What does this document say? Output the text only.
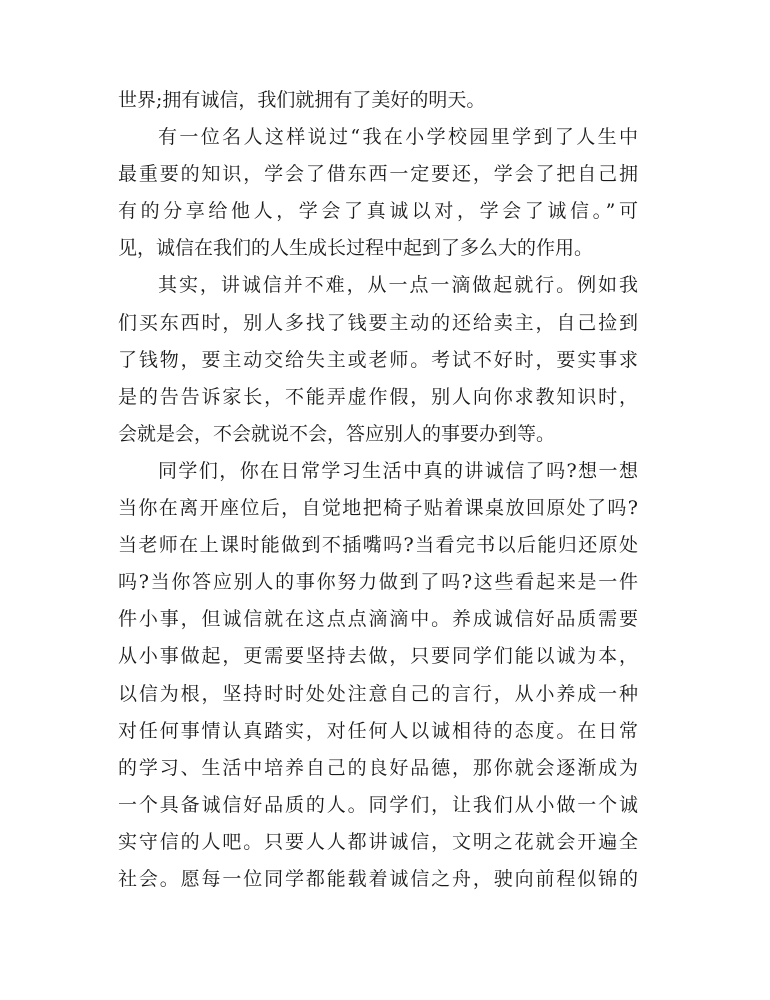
世界;拥有诚信，我们就拥有了美好的明天。
有一位名人这样说过“我在小学校园里学到了人生中
最重要的知识，学会了借东西一定要还，学会了把自己拥
有的分享给他人，学会了真诚以对，学会了诚信。”可
见，诚信在我们的人生成长过程中起到了多么大的作用。
其实，讲诚信并不难，从一点一滴做起就行。例如我
们买东西时，别人多找了钱要主动的还给卖主，自己捡到
了钱物，要主动交给失主或老师。考试不好时，要实事求
是的告告诉家长，不能弄虚作假，别人向你求教知识时，
会就是会，不会就说不会，答应别人的事要办到等。
同学们，你在日常学习生活中真的讲诚信了吗?想一想
当你在离开座位后，自觉地把椅子贴着课桌放回原处了吗?
当老师在上课时能做到不插嘴吗?当看完书以后能归还原处
吗?当你答应别人的事你努力做到了吗?这些看起来是一件
件小事，但诚信就在这点点滴滴中。养成诚信好品质需要
从小事做起，更需要坚持去做，只要同学们能以诚为本，
以信为根，坚持时时处处注意自己的言行，从小养成一种
对任何事情认真踏实，对任何人以诚相待的态度。在日常
的学习、生活中培养自己的良好品德，那你就会逐渐成为
一个具备诚信好品质的人。同学们，让我们从小做一个诚
实守信的人吧。只要人人都讲诚信，文明之花就会开遍全
社会。愿每一位同学都能载着诚信之舟，驶向前程似锦的
